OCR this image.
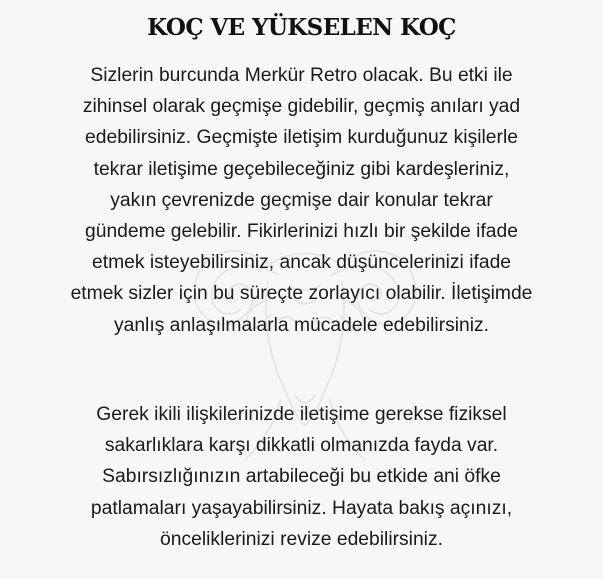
KOÇ VE YÜKSELEN KOÇ

Sizlerin burcunda Merkür Retro olacak. Bu etki ile
zihinsel olarak geçmişe gidebilir, geçmiş anıları yad
edebilirsiniz. Geçmişte iletişim kurduğunuz kişilerle
tekrar iletişime geçebileceğiniz gibi kardeşleriniz,
yakın çevrenizde geçmişe dair konular tekrar
gündeme gelebilir. Fikirlerinizi hızlı bir şekilde ifade
etmek isteyebilirsiniz, ancak düşüncelerinizi ifade
etmek sizler için bu süreçte zorlayıcı olabilir. İletişimde
yanlış anlaşılmalarla mücadele edebilirsiniz.

Gerek ikili ilişkilerinizde iletişime gerekse fiziksel
sakarlıklara karşı dikkatli olmanızda fayda var.
Sabırsızlığınızın artabileceği bu etkide ani öfke
patlamaları yaşayabilirsiniz. Hayata bakış açınızı,
önceliklerinizi revize edebilirsiniz.
